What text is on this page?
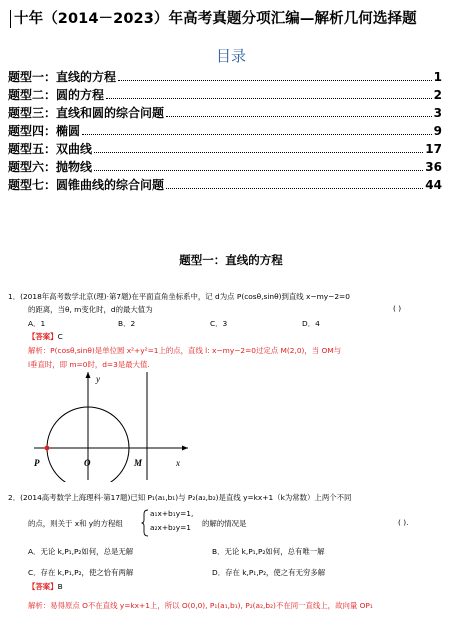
十年（2014－2023）年高考真题分项汇编—解析几何选择题
目录
题型一：直线的方程	1
题型二：圆的方程	2
题型三：直线和圆的综合问题	3
题型四：椭圆	9
题型五：双曲线	17
题型六：抛物线	36
题型七：圆锥曲线的综合问题	44
题型一：直线的方程
1．(2018年高考数学北京(理)·第7题)在平面直角坐标系中，记 d为点 P(cosθ,sinθ)到直线 x−my−2=0
的距离，当θ, m变化时，d的最大值为	( )
A．1	B．2	C．3	D．4
【答案】C
解析：P(cosθ,sinθ)是单位圆 x²+y²=1上的点，直线 l: x−my−2=0过定点 M(2,0)，当 OM与
l垂直时，即 m=0时，d=3是最大值.
y
x
O	M
P
2．(2014高考数学上海理科·第17题)已知 P₁(a₁,b₁)与 P₂(a₂,b₂)是直线 y=kx+1（k为常数）上两个不同
的点，则关于 x和 y的方程组
a₁x+b₁y=1,
a₂x+b₂y=1 的解的情况是	( ).
A．无论 k,P₁,P₂如何，总是无解	B．无论 k,P₁,P₂如何，总有唯一解
C．存在 k,P₁,P₂，使之恰有两解	D．存在 k,P₁,P₂，使之有无穷多解
【答案】B
解析：易得原点 O不在直线 y=kx+1上，所以 O(0,0), P₁(a₁,b₁), P₂(a₂,b₂)不在同一直线上，故向量 OP₁
